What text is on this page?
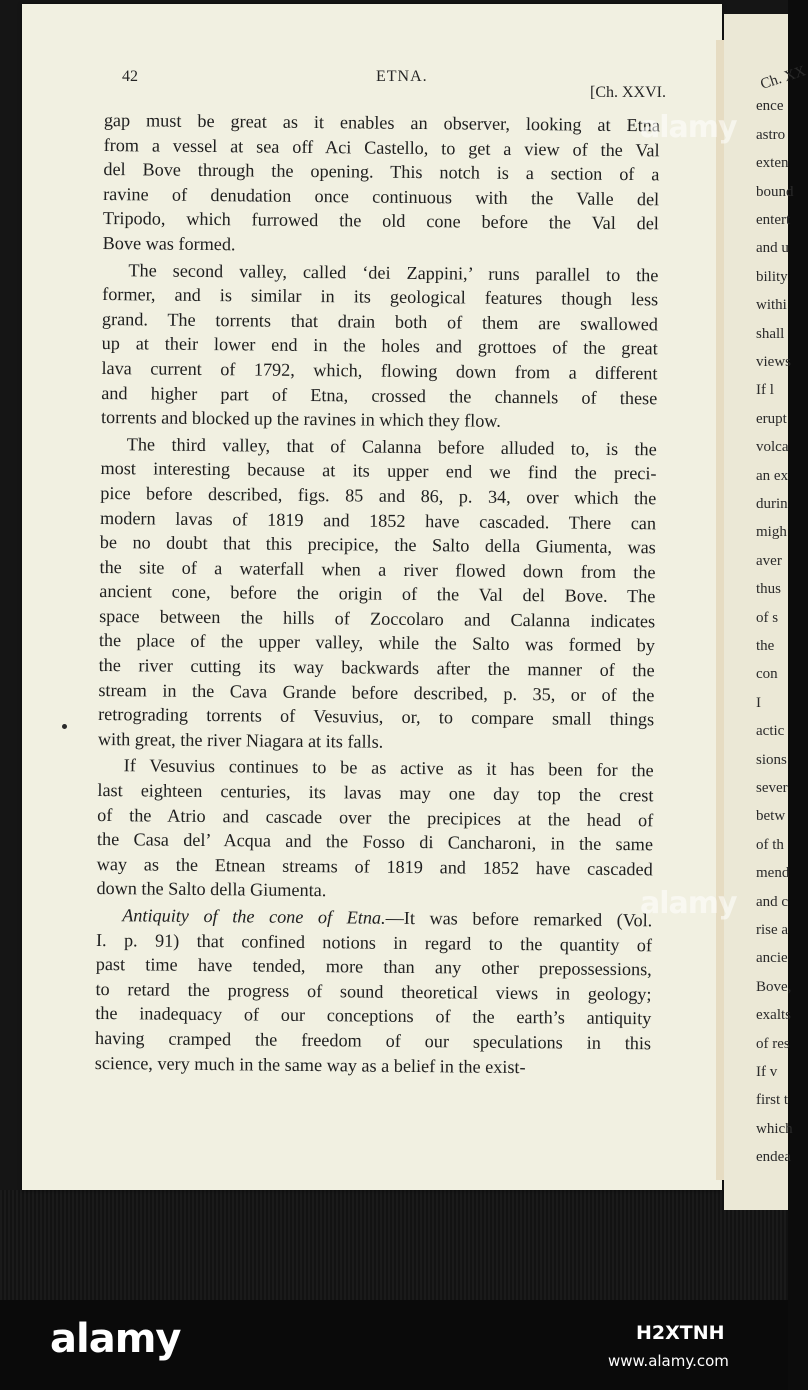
Ch. XX
ence
astro
exten
bound
entert
and u
bility
withi
shall
views
If l
erupt
volca
an ex
durin
migh
aver
thus
of s
the
con
I
actic
sions
sever
betw
of th
mend
and c
rise a
ancie
Bove,
exalts
of res
If v
first t
which
endea
42	ETNA.
[Ch. XXVI.

gap must be great as it enables an observer, looking at Etna
from a vessel at sea off Aci Castello, to get a view of the Val
del Bove through the opening. This notch is a section of a
ravine of denudation once continuous with the Valle del
Tripodo, which furrowed the old cone before the Val del
Bove was formed.

The second valley, called ‘dei Zappini,’ runs parallel to the
former, and is similar in its geological features though less
grand. The torrents that drain both of them are swallowed
up at their lower end in the holes and grottoes of the great
lava current of 1792, which, flowing down from a different
and higher part of Etna, crossed the channels of these
torrents and blocked up the ravines in which they flow.

The third valley, that of Calanna before alluded to, is the
most interesting because at its upper end we find the preci-
pice before described, figs. 85 and 86, p. 34, over which the
modern lavas of 1819 and 1852 have cascaded. There can
be no doubt that this precipice, the Salto della Giumenta, was
the site of a waterfall when a river flowed down from the
ancient cone, before the origin of the Val del Bove. The
space between the hills of Zoccolaro and Calanna indicates
the place of the upper valley, while the Salto was formed by
the river cutting its way backwards after the manner of the
stream in the Cava Grande before described, p. 35, or of the
retrograding torrents of Vesuvius, or, to compare small things
with great, the river Niagara at its falls.

If Vesuvius continues to be as active as it has been for the
last eighteen centuries, its lavas may one day top the crest
of the Atrio and cascade over the precipices at the head of
the Casa del’ Acqua and the Fosso di Cancharoni, in the same
way as the Etnean streams of 1819 and 1852 have cascaded
down the Salto della Giumenta.

Antiquity of the cone of Etna.—It was before remarked (Vol.
I. p. 91) that confined notions in regard to the quantity of
past time have tended, more than any other prepossessions,
to retard the progress of sound theoretical views in geology;
the inadequacy of our conceptions of the earth’s antiquity
having cramped the freedom of our speculations in this
science, very much in the same way as a belief in the exist-

alamy
alamy
alamy	H2XTNH
www.alamy.com
